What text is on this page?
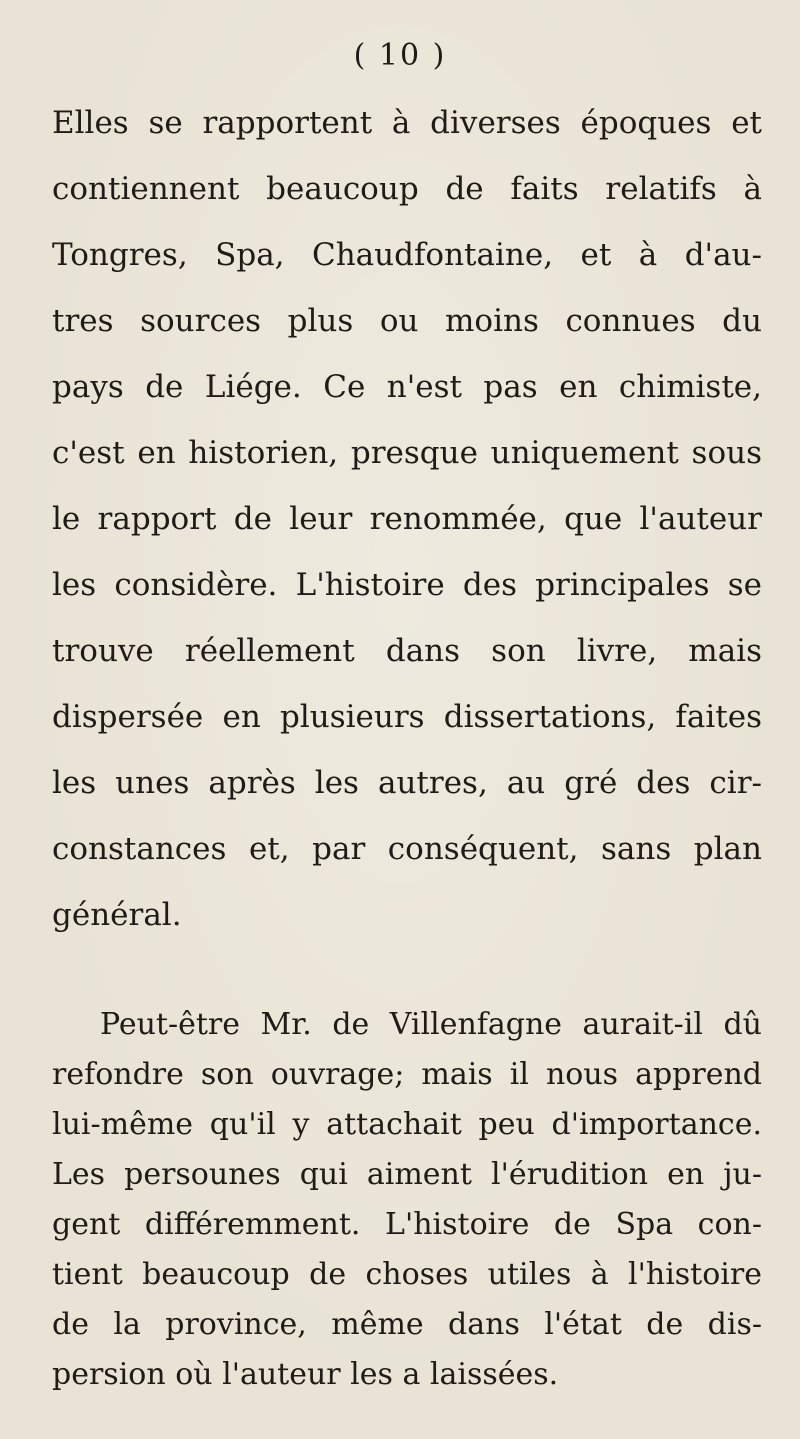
( 10 )
Elles se rapportent à diverses époques et
contiennent beaucoup de faits relatifs à
Tongres, Spa, Chaudfontaine, et à d'au-
tres sources plus ou moins connues du
pays de Liége. Ce n'est pas en chimiste,
c'est en historien, presque uniquement sous
le rapport de leur renommée, que l'auteur
les considère. L'histoire des principales se
trouve réellement dans son livre, mais
dispersée en plusieurs dissertations, faites
les unes après les autres, au gré des cir-
constances et, par conséquent, sans plan
général.
Peut-être Mr. de Villenfagne aurait-il dû
refondre son ouvrage; mais il nous apprend
lui-même qu'il y attachait peu d'importance.
Les persounes qui aiment l'érudition en ju-
gent différemment. L'histoire de Spa con-
tient beaucoup de choses utiles à l'histoire
de la province, même dans l'état de dis-
persion où l'auteur les a laissées.
